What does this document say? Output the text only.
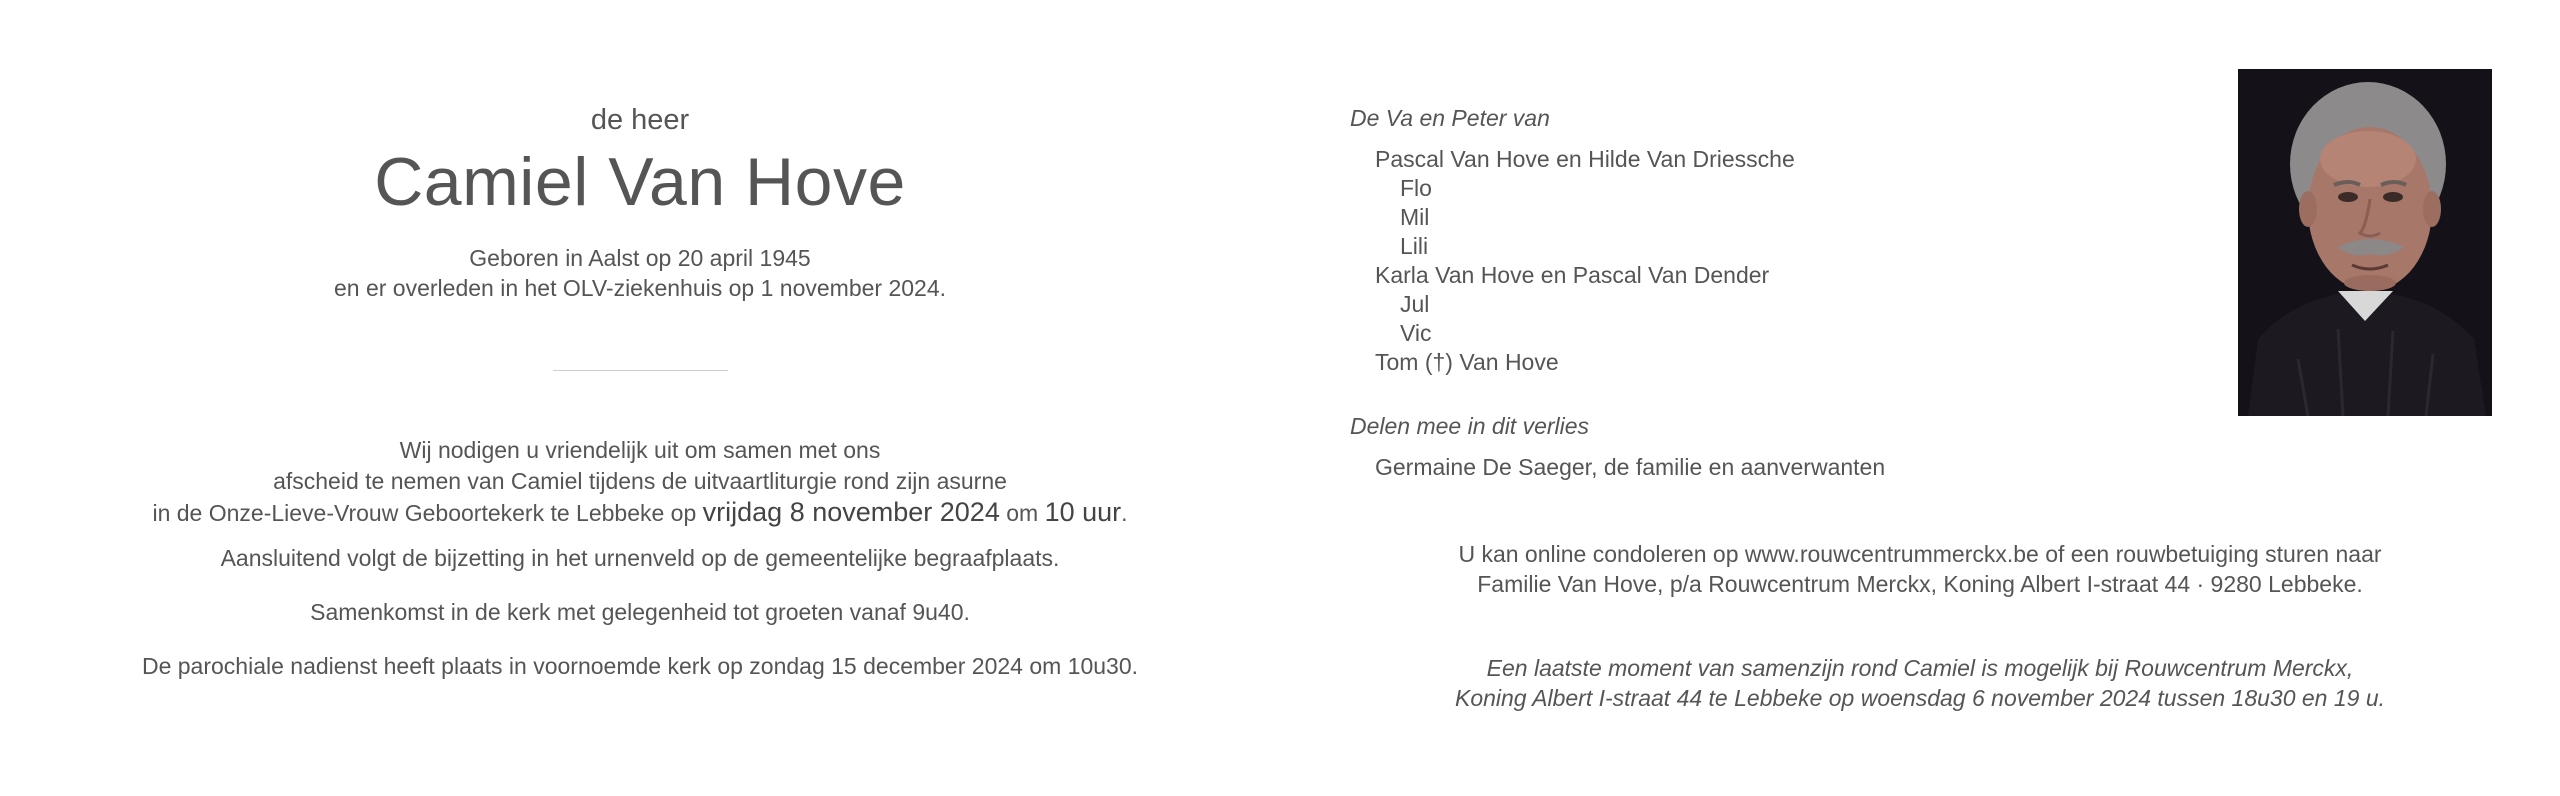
de heer
Camiel Van Hove
Geboren in Aalst op 20 april 1945
en er overleden in het OLV-ziekenhuis op 1 november 2024.
Wij nodigen u vriendelijk uit om samen met ons
afscheid te nemen van Camiel tijdens de uitvaartliturgie rond zijn asurne
in de Onze-Lieve-Vrouw Geboortekerk te Lebbeke op vrijdag 8 november 2024 om 10 uur.
Aansluitend volgt de bijzetting in het urnenveld op de gemeentelijke begraafplaats.
Samenkomst in de kerk met gelegenheid tot groeten vanaf 9u40.
De parochiale nadienst heeft plaats in voornoemde kerk op zondag 15 december 2024 om 10u30.
De Va en Peter van
Pascal Van Hove en Hilde Van Driessche
Flo
Mil
Lili
Karla Van Hove en Pascal Van Dender
Jul
Vic
Tom (†) Van Hove
Delen mee in dit verlies
Germaine De Saeger, de familie en aanverwanten
U kan online condoleren op www.rouwcentrummerckx.be of een rouwbetuiging sturen naar
Familie Van Hove, p/a Rouwcentrum Merckx, Koning Albert I-straat 44 · 9280 Lebbeke.
Een laatste moment van samenzijn rond Camiel is mogelijk bij Rouwcentrum Merckx,
Koning Albert I-straat 44 te Lebbeke op woensdag 6 november 2024 tussen 18u30 en 19 u.
